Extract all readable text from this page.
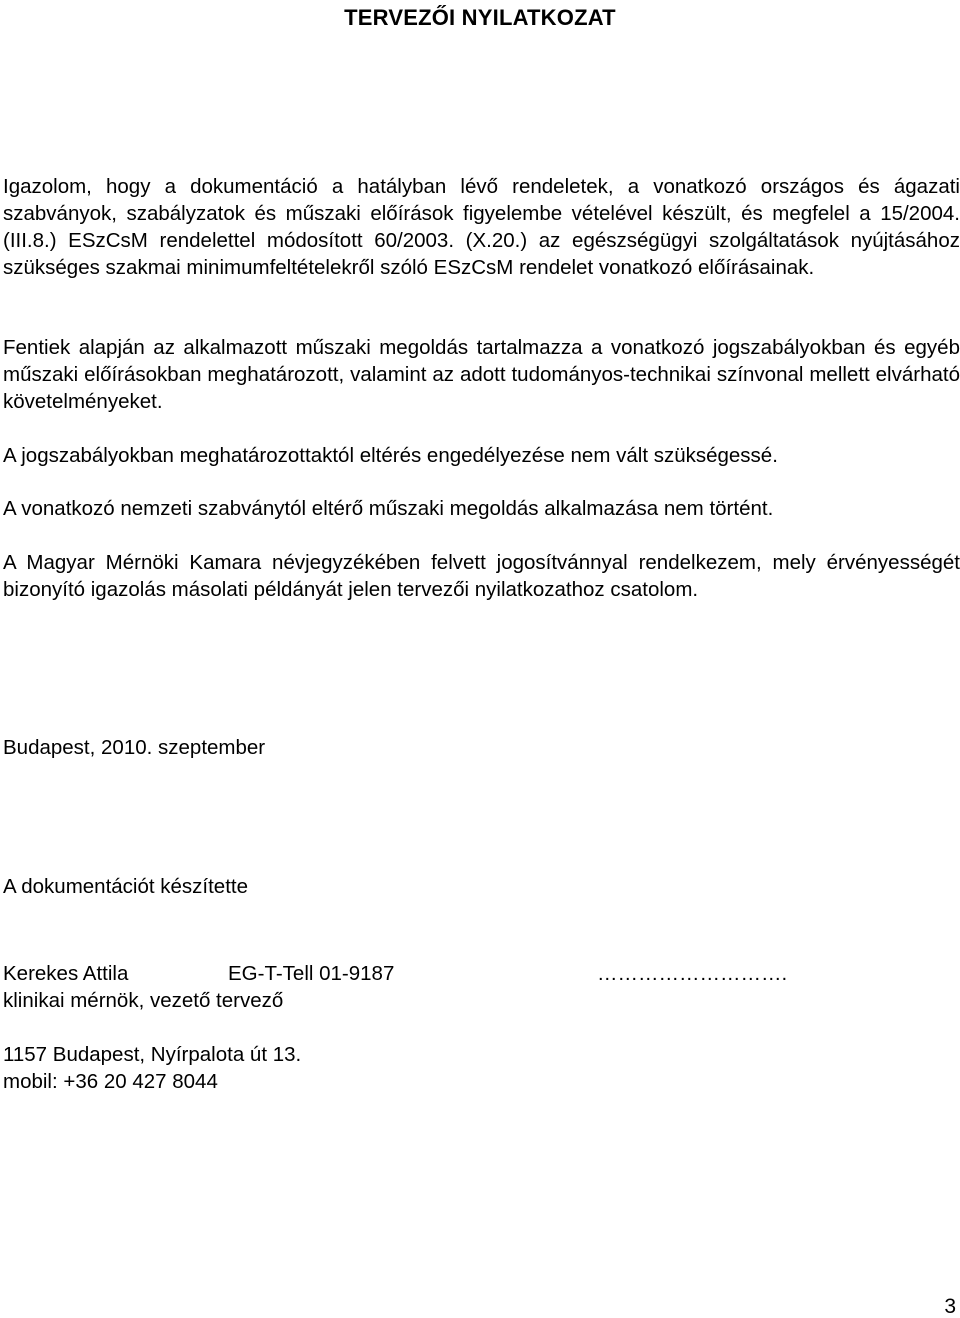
TERVEZŐI NYILATKOZAT
Igazolom, hogy a dokumentáció a hatályban lévő rendeletek, a vonatkozó országos és ágazati szabványok, szabályzatok és műszaki előírások figyelembe vételével készült, és megfelel a 15/2004. (III.8.) ESzCsM rendelettel módosított 60/2003. (X.20.) az egészségügyi szolgáltatások nyújtásához szükséges szakmai minimumfeltételekről szóló ESzCsM rendelet vonatkozó előírásainak.
Fentiek alapján az alkalmazott műszaki megoldás tartalmazza a vonatkozó jogszabályokban és egyéb műszaki előírásokban meghatározott, valamint az adott tudományos-technikai színvonal mellett elvárható követelményeket.
A jogszabályokban meghatározottaktól eltérés engedélyezése nem vált szükségessé.
A vonatkozó nemzeti szabványtól eltérő műszaki megoldás alkalmazása nem történt.
A Magyar Mérnöki Kamara névjegyzékében felvett jogosítvánnyal rendelkezem, mely érvényességét bizonyító igazolás másolati példányát jelen tervezői nyilatkozathoz csatolom.
Budapest, 2010. szeptember
A dokumentációt készítette
Kerekes Attila	EG-T-Tell 01-9187	……………………….
klinikai mérnök, vezető tervező
1157 Budapest, Nyírpalota út 13.
mobil: +36 20 427 8044
3
